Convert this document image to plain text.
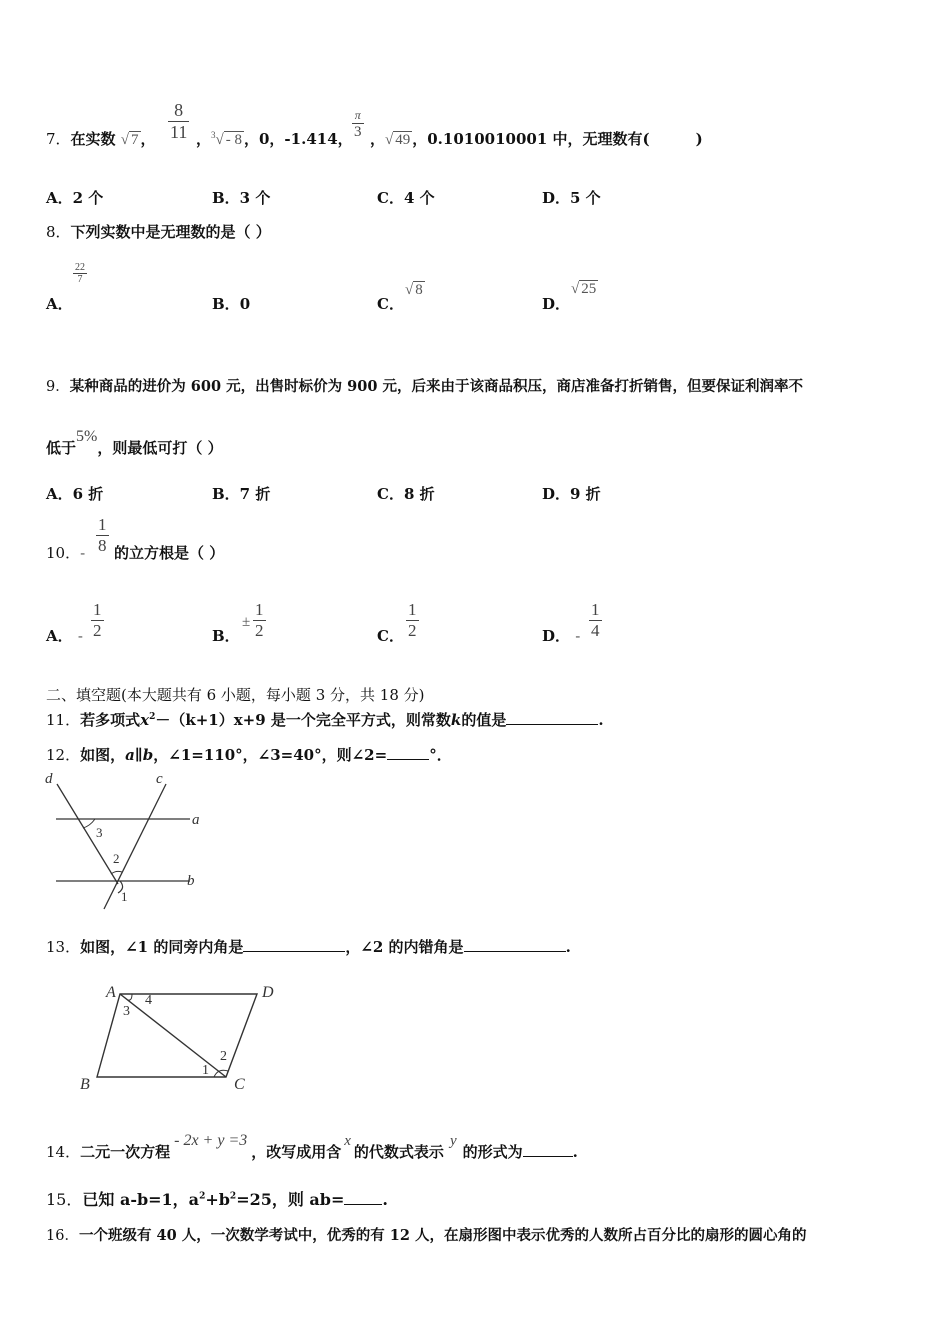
7．在实数 √ 7 ， $\frac{8}{11}$ ，$^3$√ - 8 ，0，-1.414，
π
3 ，√ 49 ，0.1010010001 中，无理数有(	)
A．2 个	B．3 个	C．4 个	D．5 个
8．下列实数中是无理数的是（ ）
A．
$\frac{22}{7}$
B．0	C．
√ 8
D．
√ 25
9．某种商品的进价为 600 元，出售时标价为 900 元，后来由于该商品积压，商店准备打折销售，但要保证利润率不
低于5%，则最低可打（ ）
A．6 折	B．7 折	C．8 折	D．9 折
10．- $\frac{1}{8}$ 的立方根是（ ）
A． - $\frac{1}{2}$	B．
± $\frac{1}{2}$	C． $\frac{1}{2}$	D． - $\frac{1}{4}$
二、填空题(本大题共有 6 小题，每小题 3 分，共 18 分)
11．若多项式$x^2-(k+1)x+9$ 是一个完全平方式，则常数k的值是	.
12．如图，a∥b，∠1=110°，∠3=40°，则∠2=	°．
d	c
a
b
3
2
1
13．如图，∠1 的同旁内角是	，∠2 的内错角是	.
A	D
B	C
4
3
2
1
14．二元一次方程- 2x + y =3，改写成用含x的代数式表示y的形式为	.
15．已知 a-b=1，$a^2+b^2=25$，则 ab= .
16．一个班级有 40 人，一次数学考试中，优秀的有 12 人，在扇形图中表示优秀的人数所占百分比的扇形的圆心角的
